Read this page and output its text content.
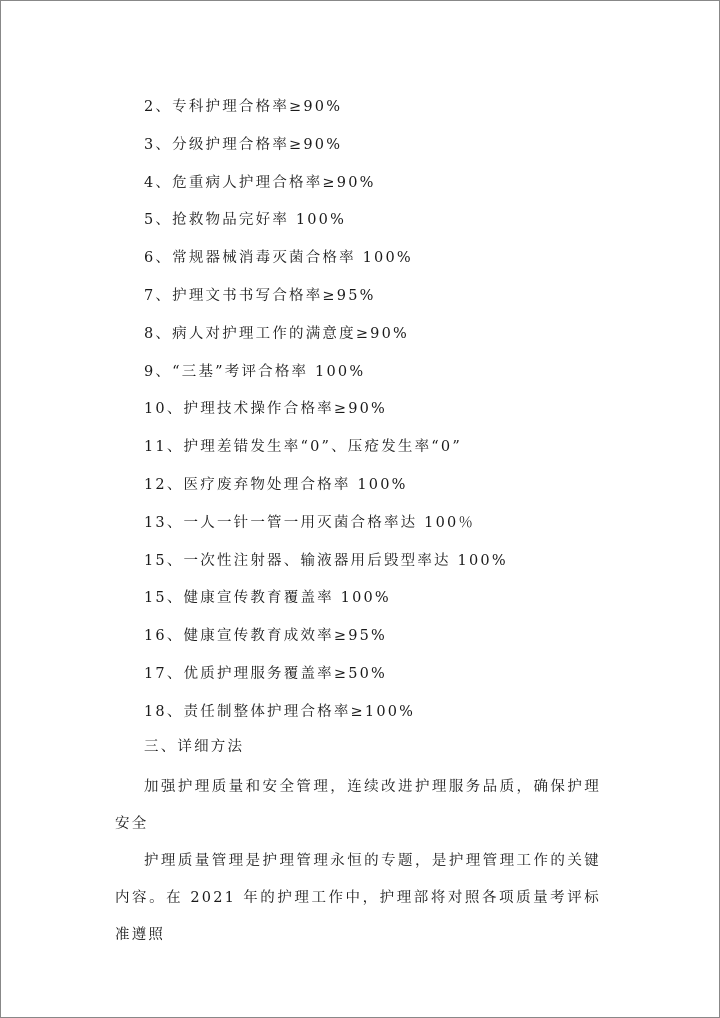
2、专科护理合格率≥90%
3、分级护理合格率≥90%
4、危重病人护理合格率≥90%
5、抢救物品完好率 100%
6、常规器械消毒灭菌合格率 100%
7、护理文书书写合格率≥95%
8、病人对护理工作的满意度≥90%
9、“三基”考评合格率 100%
10、护理技术操作合格率≥90%
11、护理差错发生率“0”、压疮发生率“0”
12、医疗废弃物处理合格率 100%
13、一人一针一管一用灭菌合格率达 100％
15、一次性注射器、输液器用后毁型率达 100%
15、健康宣传教育覆盖率 100%
16、健康宣传教育成效率≥95%
17、优质护理服务覆盖率≥50%
18、责任制整体护理合格率≥100%
三、详细方法

加强护理质量和安全管理，连续改进护理服务品质，确保护理安全

护理质量管理是护理管理永恒的专题，是护理管理工作的关键内容。在 2021 年的护理工作中，护理部将对照各项质量考评标准遵照
